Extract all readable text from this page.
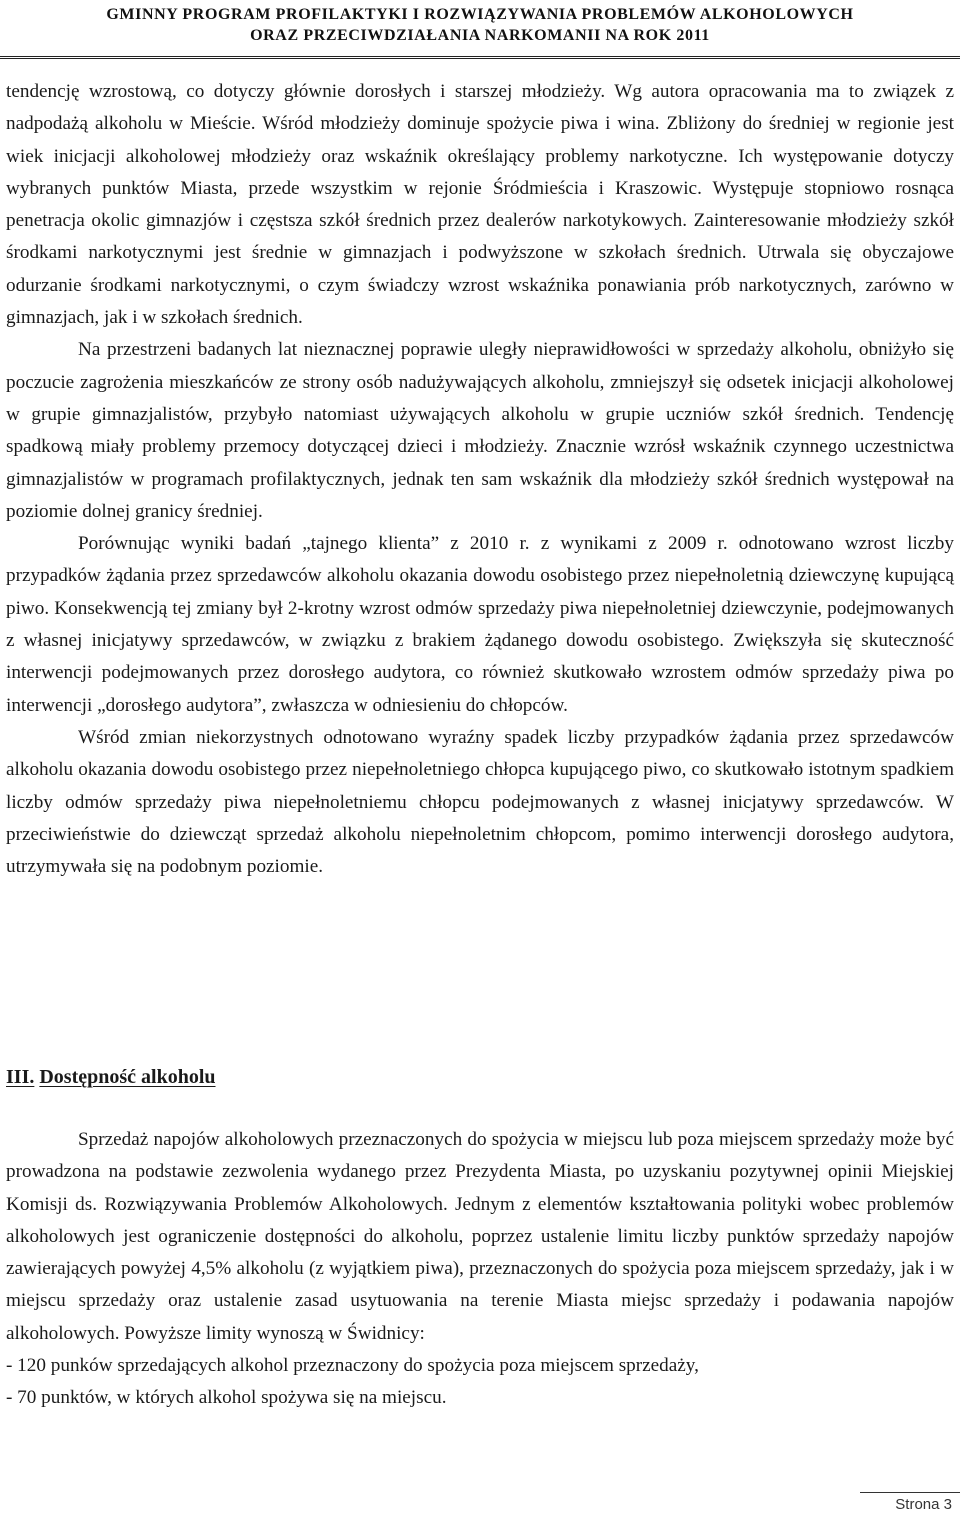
GMINNY PROGRAM PROFILAKTYKI I ROZWIĄZYWANIA PROBLEMÓW ALKOHOLOWYCH
ORAZ PRZECIWDZIAŁANIA NARKOMANII NA ROK 2011

tendencję wzrostową, co dotyczy głównie dorosłych i starszej młodzieży. Wg autora opracowania ma to związek z nadpodażą alkoholu w Mieście. Wśród młodzieży dominuje spożycie piwa i wina. Zbliżony do średniej w regionie jest wiek inicjacji alkoholowej młodzieży oraz wskaźnik określający problemy narkotyczne. Ich występowanie dotyczy wybranych punktów Miasta, przede wszystkim w rejonie Śródmieścia i Kraszowic. Występuje stopniowo rosnąca penetracja okolic gimnazjów i częstsza szkół średnich przez dealerów narkotykowych. Zainteresowanie młodzieży szkół środkami narkotycznymi jest średnie w gimnazjach i podwyższone w szkołach średnich. Utrwala się obyczajowe odurzanie środkami narkotycznymi, o czym świadczy wzrost wskaźnika ponawiania prób narkotycznych, zarówno w gimnazjach, jak i w szkołach średnich.

Na przestrzeni badanych lat nieznacznej poprawie uległy nieprawidłowości w sprzedaży alkoholu, obniżyło się poczucie zagrożenia mieszkańców ze strony osób nadużywających alkoholu, zmniejszył się odsetek inicjacji alkoholowej w grupie gimnazjalistów, przybyło natomiast używających alkoholu w grupie uczniów szkół średnich. Tendencję spadkową miały problemy przemocy dotyczącej dzieci i młodzieży. Znacznie wzrósł wskaźnik czynnego uczestnictwa gimnazjalistów w programach profilaktycznych, jednak ten sam wskaźnik dla młodzieży szkół średnich występował na poziomie dolnej granicy średniej.

Porównując wyniki badań „tajnego klienta” z 2010 r. z wynikami z 2009 r. odnotowano wzrost liczby przypadków żądania przez sprzedawców alkoholu okazania dowodu osobistego przez niepełnoletnią dziewczynę kupującą piwo. Konsekwencją tej zmiany był 2-krotny wzrost odmów sprzedaży piwa niepełnoletniej dziewczynie, podejmowanych z własnej inicjatywy sprzedawców, w związku z brakiem żądanego dowodu osobistego. Zwiększyła się skuteczność interwencji podejmowanych przez dorosłego audytora, co również skutkowało wzrostem odmów sprzedaży piwa po interwencji „dorosłego audytora”, zwłaszcza w odniesieniu do chłopców.

Wśród zmian niekorzystnych odnotowano wyraźny spadek liczby przypadków żądania przez sprzedawców alkoholu okazania dowodu osobistego przez niepełnoletniego chłopca kupującego piwo, co skutkowało istotnym spadkiem liczby odmów sprzedaży piwa niepełnoletniemu chłopcu podejmowanych z własnej inicjatywy sprzedawców. W przeciwieństwie do dziewcząt sprzedaż alkoholu niepełnoletnim chłopcom, pomimo interwencji dorosłego audytora, utrzymywała się na podobnym poziomie.

III. Dostępność alkoholu

Sprzedaż napojów alkoholowych przeznaczonych do spożycia w miejscu lub poza miejscem sprzedaży może być prowadzona na podstawie zezwolenia wydanego przez Prezydenta Miasta, po uzyskaniu pozytywnej opinii Miejskiej Komisji ds. Rozwiązywania Problemów Alkoholowych. Jednym z elementów kształtowania polityki wobec problemów alkoholowych jest ograniczenie dostępności do alkoholu, poprzez ustalenie limitu liczby punktów sprzedaży napojów zawierających powyżej 4,5% alkoholu (z wyjątkiem piwa), przeznaczonych do spożycia poza miejscem sprzedaży, jak i w miejscu sprzedaży oraz ustalenie zasad usytuowania na terenie Miasta miejsc sprzedaży i podawania napojów alkoholowych. Powyższe limity wynoszą w Świdnicy:

- 120 punków sprzedających alkohol przeznaczony do spożycia poza miejscem sprzedaży,

- 70 punktów, w których alkohol spożywa się na miejscu.

Strona 3
